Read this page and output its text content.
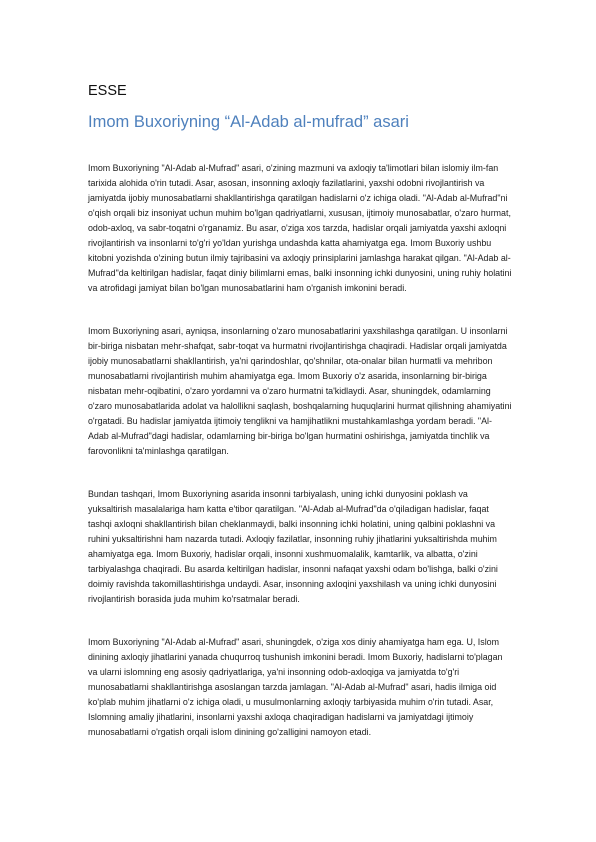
ESSE
Imom Buxoriyning “Al-Adab al-mufrad” asari

Imom Buxoriyning "Al-Adab al-Mufrad" asari, o'zining mazmuni va axloqiy ta'limotlari bilan islomiy ilm-fan tarixida alohida o'rin tutadi. Asar, asosan, insonning axloqiy fazilatlarini, yaxshi odobni rivojlantirish va jamiyatda ijobiy munosabatlarni shakllantirishga qaratilgan hadislarni o'z ichiga oladi. "Al-Adab al-Mufrad"ni o'qish orqali biz insoniyat uchun muhim bo'lgan qadriyatlarni, xususan, ijtimoiy munosabatlar, o'zaro hurmat, odob-axloq, va sabr-toqatni o'rganamiz. Bu asar, o'ziga xos tarzda, hadislar orqali jamiyatda yaxshi axloqni rivojlantirish va insonlarni to'g'ri yo'ldan yurishga undashda katta ahamiyatga ega. Imom Buxoriy ushbu kitobni yozishda o'zining butun ilmiy tajribasini va axloqiy prinsiplarini jamlashga harakat qilgan. "Al-Adab al-Mufrad"da keltirilgan hadislar, faqat diniy bilimlarni emas, balki insonning ichki dunyosini, uning ruhiy holatini va atrofidagi jamiyat bilan bo'lgan munosabatlarini ham o'rganish imkonini beradi.

Imom Buxoriyning asari, ayniqsa, insonlarning o'zaro munosabatlarini yaxshilashga qaratilgan. U insonlarni bir-biriga nisbatan mehr-shafqat, sabr-toqat va hurmatni rivojlantirishga chaqiradi. Hadislar orqali jamiyatda ijobiy munosabatlarni shakllantirish, ya'ni qarindoshlar, qo'shnilar, ota-onalar bilan hurmatli va mehribon munosabatlarni rivojlantirish muhim ahamiyatga ega. Imom Buxoriy o'z asarida, insonlarning bir-biriga nisbatan mehr-oqibatini, o'zaro yordamni va o'zaro hurmatni ta'kidlaydi. Asar, shuningdek, odamlarning o'zaro munosabatlarida adolat va halollikni saqlash, boshqalarning huquqlarini hurmat qilishning ahamiyatini o'rgatadi. Bu hadislar jamiyatda ijtimoiy tenglikni va hamjihatlikni mustahkamlashga yordam beradi. "Al-Adab al-Mufrad"dagi hadislar, odamlarning bir-biriga bo'lgan hurmatini oshirishga, jamiyatda tinchlik va farovonlikni ta'minlashga qaratilgan.

Bundan tashqari, Imom Buxoriyning asarida insonni tarbiyalash, uning ichki dunyosini poklash va yuksaltirish masalalariga ham katta e'tibor qaratilgan. "Al-Adab al-Mufrad"da o'qiladigan hadislar, faqat tashqi axloqni shakllantirish bilan cheklanmaydi, balki insonning ichki holatini, uning qalbini poklashni va ruhini yuksaltirishni ham nazarda tutadi. Axloqiy fazilatlar, insonning ruhiy jihatlarini yuksaltirishda muhim ahamiyatga ega. Imom Buxoriy, hadislar orqali, insonni xushmuomalalik, kamtarlik, va albatta, o'zini tarbiyalashga chaqiradi. Bu asarda keltirilgan hadislar, insonni nafaqat yaxshi odam bo'lishga, balki o'zini doimiy ravishda takomillashtirishga undaydi. Asar, insonning axloqini yaxshilash va uning ichki dunyosini rivojlantirish borasida juda muhim ko'rsatmalar beradi.

Imom Buxoriyning "Al-Adab al-Mufrad" asari, shuningdek, o'ziga xos diniy ahamiyatga ham ega. U, Islom dinining axloqiy jihatlarini yanada chuqurroq tushunish imkonini beradi. Imom Buxoriy, hadislarni to'plagan va ularni islomning eng asosiy qadriyatlariga, ya'ni insonning odob-axloqiga va jamiyatda to'g'ri munosabatlarni shakllantirishga asoslangan tarzda jamlagan. "Al-Adab al-Mufrad" asari, hadis ilmiga oid ko'plab muhim jihatlarni o'z ichiga oladi, u musulmonlarning axloqiy tarbiyasida muhim o'rin tutadi. Asar, Islomning amaliy jihatlarini, insonlarni yaxshi axloqa chaqiradigan hadislarni va jamiyatdagi ijtimoiy munosabatlarni o'rgatish orqali islom dinining go'zalligini namoyon etadi.
